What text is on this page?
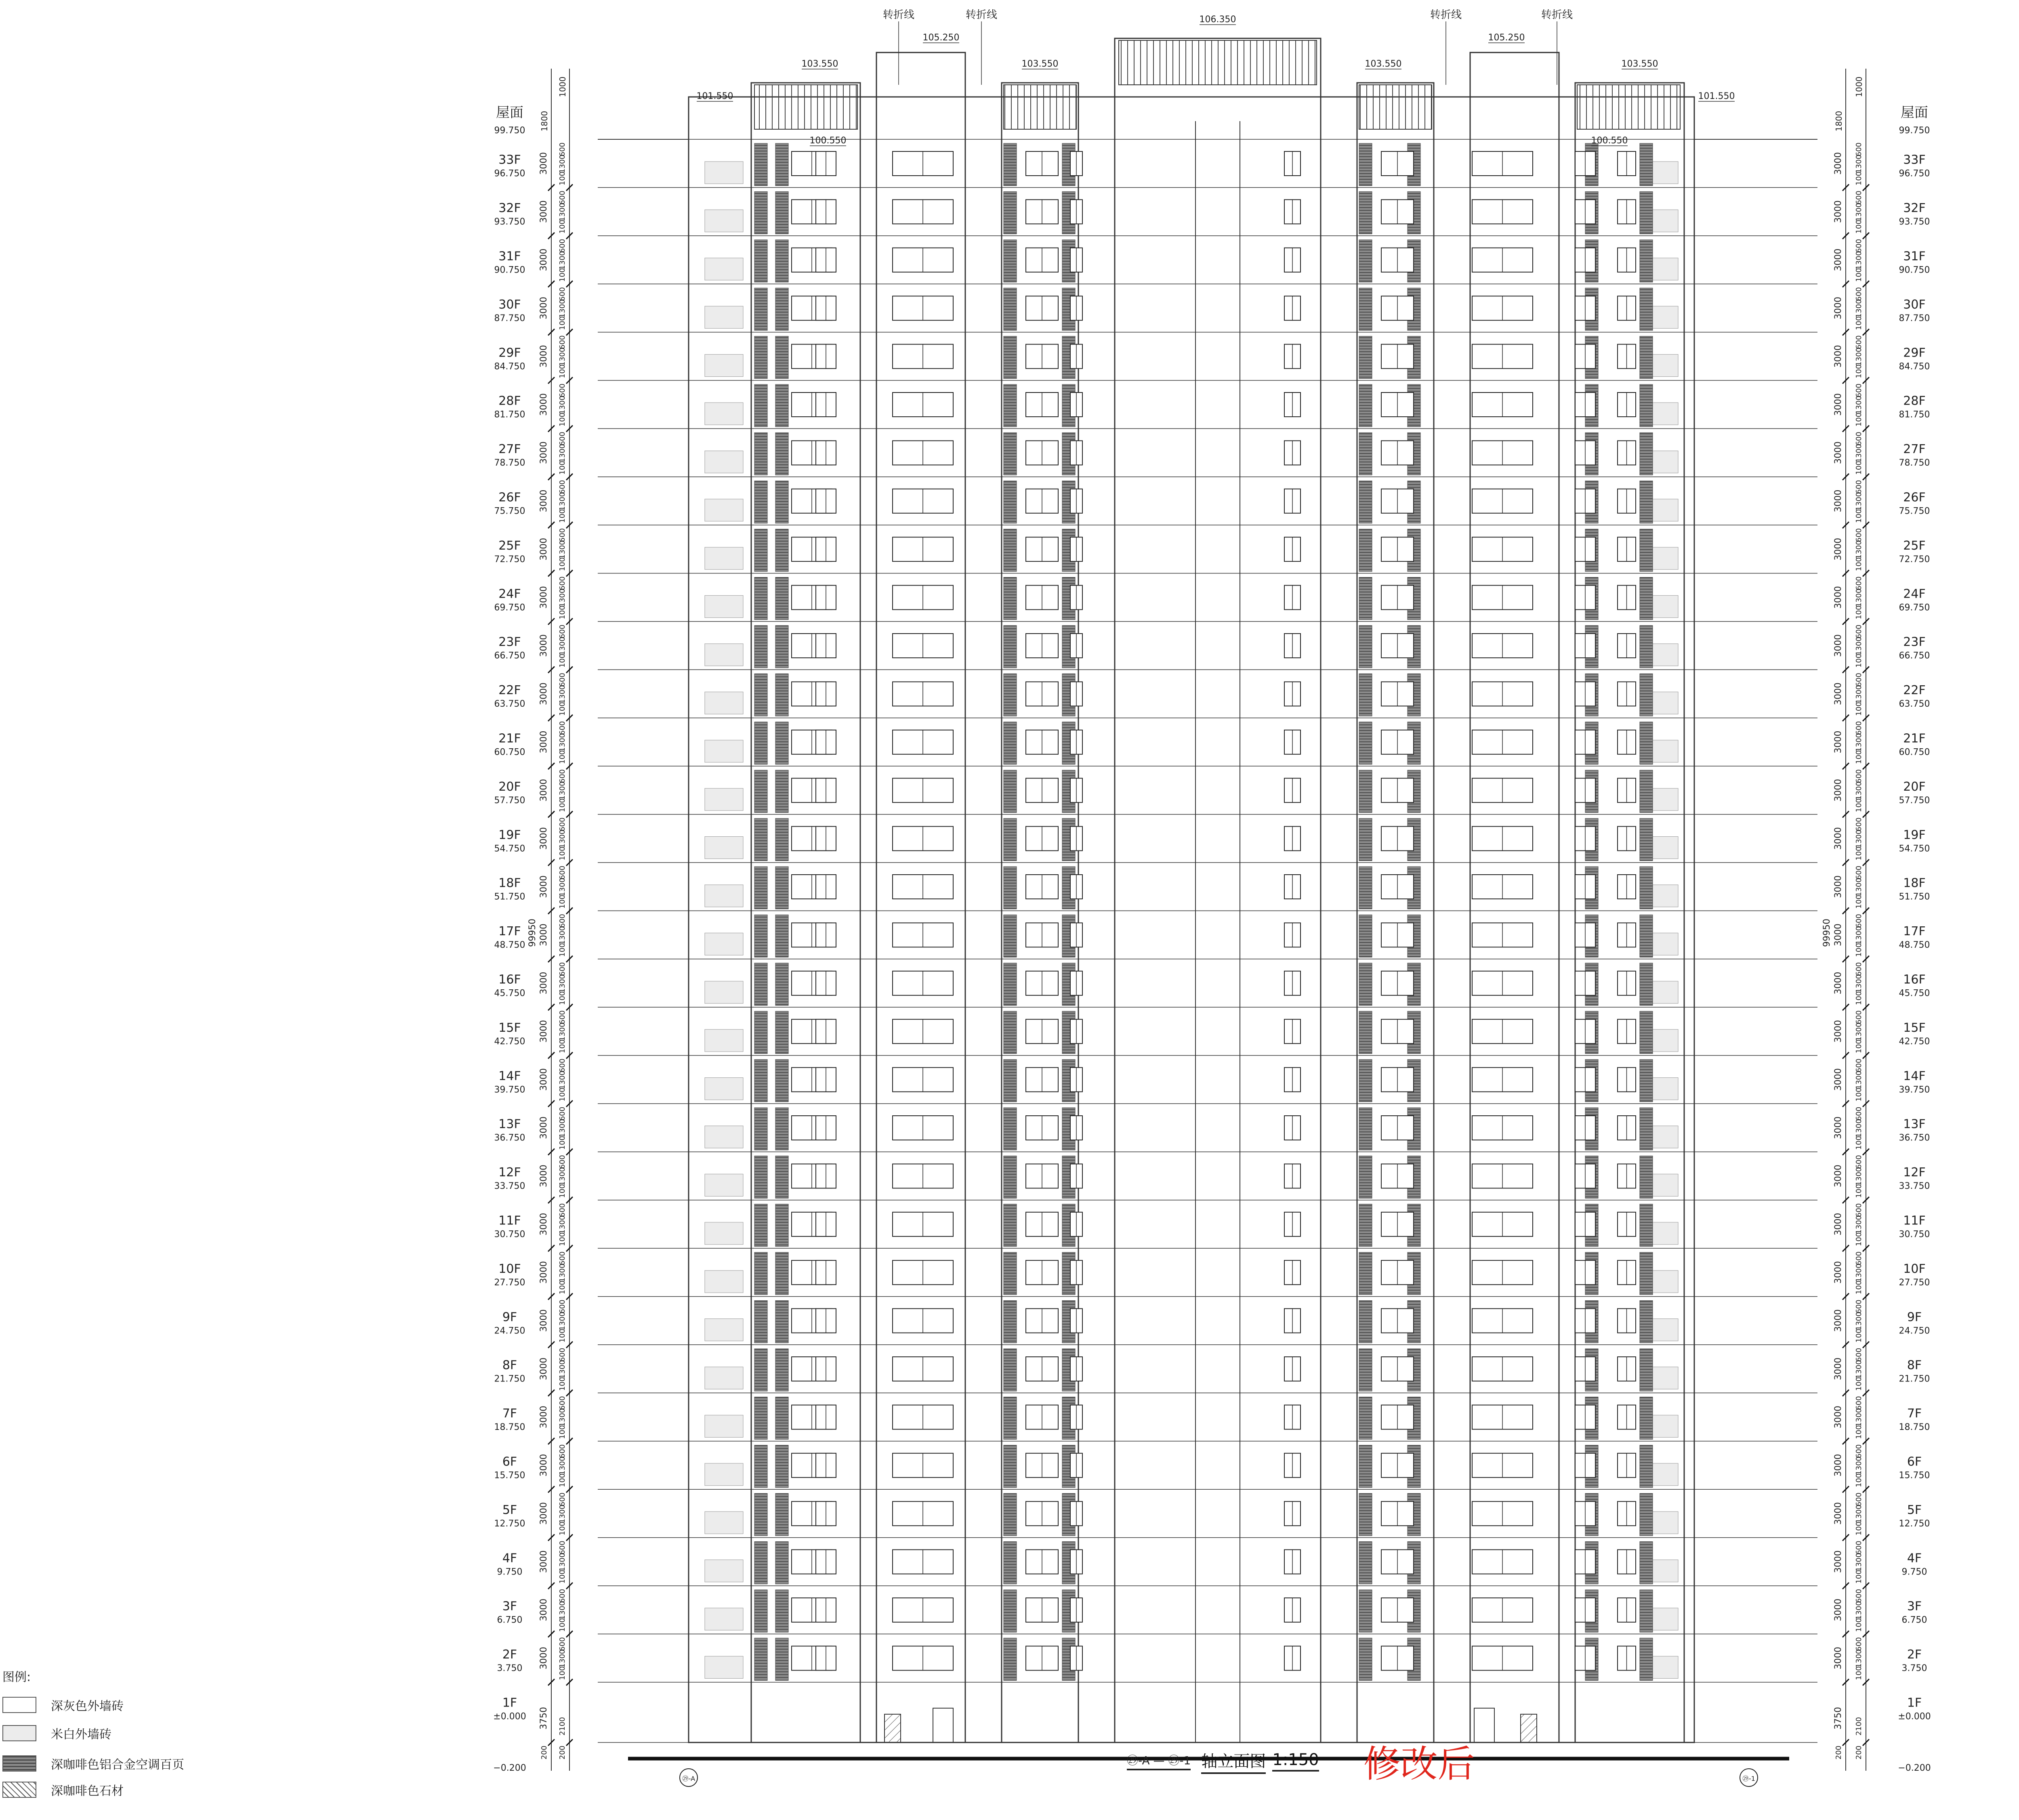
屋面
99.750
1000
1800
99950
33F
96.750 3000
600
1300
100
32F
93.750 3000
600
1300
100
31F
90.750 3000
600
1300
100
30F
87.750 3000
600
1300
100
29F
84.750 3000
600
1300
100
28F
81.750 3000
600
1300
100
27F
78.750 3000
600
1300
100
26F
75.750 3000
600
1300
100
25F
72.750 3000
600
1300
100
24F
69.750 3000
600
1300
100
23F
66.750 3000
600
1300
100
22F
63.750 3000
600
1300
100
21F
60.750 3000
600
1300
100
20F
57.750 3000
600
1300
100
19F
54.750 3000
600
1300
100
18F
51.750 3000
600
1300
100
17F
48.750 3000
600
1300
100
16F
45.750 3000
600
1300
100
15F
42.750 3000
600
1300
100
14F
39.750 3000
600
1300
100
13F
36.750 3000
600
1300
100
12F
33.750 3000
600
1300
100
11F
30.750 3000
600
1300
100
10F
27.750 3000
600
1300
100
9F
24.750 3000
600
1300
100
8F
21.750 3000
600
1300
100
7F
18.750 3000
600
1300
100
6F
15.750 3000
600
1300
100
5F
12.750 3000
600
1300
100
4F
9.750 3000
600
1300
100
3F
6.750 3000
600
1300
100
2F
3.750 3000
600
1300
100
1F
±0.000 3750 2100
200 200
−0.200
屋面
99.750
1000
1800
99950
33F
96.750
3000
600
1300
100
32F
93.750
3000
600
1300
100
31F
90.750
3000
600
1300
100
30F
87.750
3000
600
1300
100
29F
84.750
3000
600
1300
100
28F
81.750
3000
600
1300
100
27F
78.750
3000
600
1300
100
26F
75.750
3000
600
1300
100
25F
72.750
3000
600
1300
100
24F
69.750
3000
600
1300
100
23F
66.750
3000
600
1300
100
22F
63.750
3000
600
1300
100
21F
60.750
3000
600
1300
100
20F
57.750
3000
600
1300
100
19F
54.750
3000
600
1300
100
18F
51.750
3000
600
1300
100
17F
48.750
3000
600
1300
100
16F
45.750
3000
600
1300
100
15F
42.750
3000
600
1300
100
14F
39.750
3000
600
1300
100
13F
36.750
3000
600
1300
100
12F
33.750
3000
600
1300
100
11F
30.750
3000
600
1300
100
10F
27.750
3000
600
1300
100
9F
24.750
3000
600
1300
100
8F
21.750
3000
600
1300
100
7F
18.750
3000
600
1300
100
6F
15.750
3000
600
1300
100
5F
12.750
3000
600
1300
100
4F
9.750
3000
600
1300
100
3F
6.750
3000
600
1300
100
2F
3.750
3000
600
1300
100
1F
±0.000
3750 2100
200 200
−0.200
101.550
103.550
105.250
103.550
106.350
105.250
103.550	103.550
101.550
100.550	100.550
转折线	转折线	转折线	转折线
㉙-A	㉙-1
图例:
深灰色外墙砖
米白外墙砖
深咖啡色铝合金空调百页
深咖啡色石材
㉙-A — ㉙-1 轴立面图 1:150 修改后
